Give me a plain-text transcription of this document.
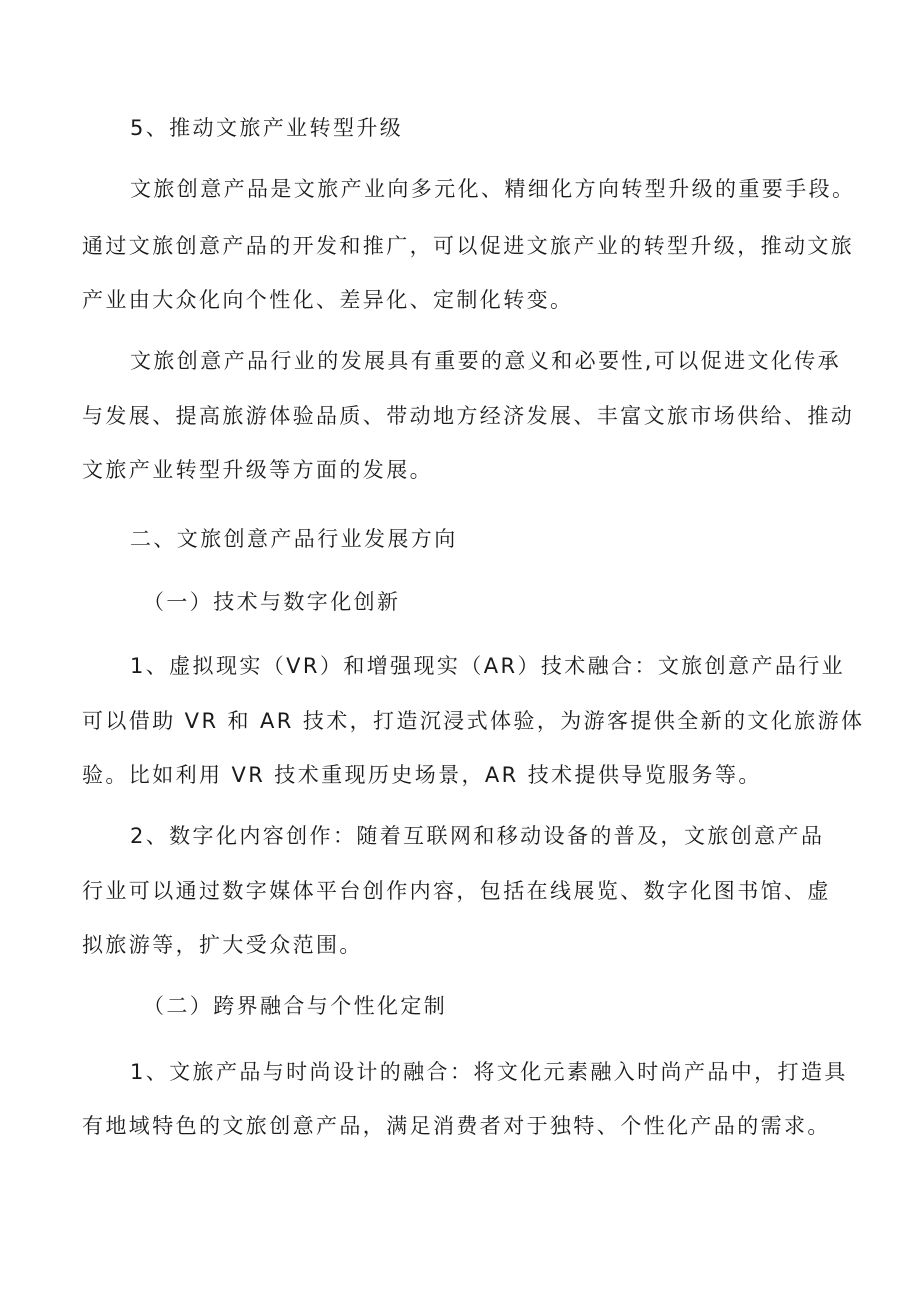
5、推动文旅产业转型升级
文旅创意产品是文旅产业向多元化、精细化方向转型升级的重要手段。
通过文旅创意产品的开发和推广，可以促进文旅产业的转型升级，推动文旅
产业由大众化向个性化、差异化、定制化转变。
文旅创意产品行业的发展具有重要的意义和必要性,可以促进文化传承
与发展、提高旅游体验品质、带动地方经济发展、丰富文旅市场供给、推动
文旅产业转型升级等方面的发展。
二、文旅创意产品行业发展方向
（一）技术与数字化创新
1、虚拟现实（VR）和增强现实（AR）技术融合：文旅创意产品行业
可以借助 VR 和 AR 技术，打造沉浸式体验，为游客提供全新的文化旅游体
验。比如利用 VR 技术重现历史场景，AR 技术提供导览服务等。
2、数字化内容创作：随着互联网和移动设备的普及，文旅创意产品
行业可以通过数字媒体平台创作内容，包括在线展览、数字化图书馆、虚
拟旅游等，扩大受众范围。
（二）跨界融合与个性化定制
1、文旅产品与时尚设计的融合：将文化元素融入时尚产品中，打造具
有地域特色的文旅创意产品，满足消费者对于独特、个性化产品的需求。
